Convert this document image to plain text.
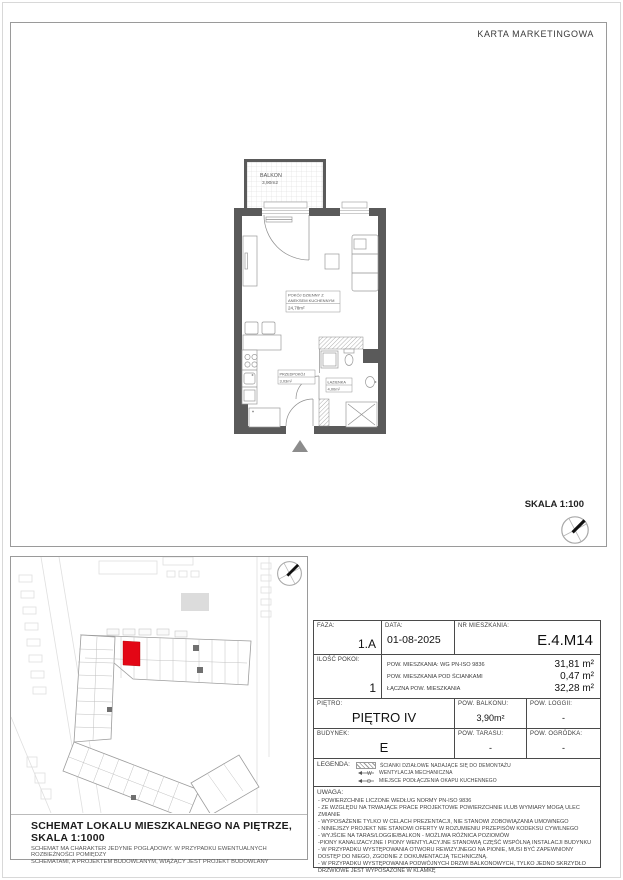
KARTA MARKETINGOWA
BALKON
3,90m2
POKÓJ DZIENNY Z
ANEKSEM KUCHENNYM
24,78m²
PRZEDPOKÓJ
3,03m²	ŁAZIENKA
4,00m²
SKALA 1:100
SCHEMAT LOKALU MIESZKALNEGO NA PIĘTRZE, SKALA 1:1000
SCHEMAT MA CHARAKTER JEDYNIE POGLĄDOWY. W PRZYPADKU EWENTUALNYCH ROZBIEŻNOŚCI POMIĘDZY
SCHEMATAMI, A PROJEKTEM BUDOWLANYM, WIĄŻĄCY JEST PROJEKT BUDOWLANY
FAZA:
1.A
DATA:
01-08-2025
NR MIESZKANIA:
E.4.M14
ILOŚĆ POKOI:
1
POW. MIESZKANIA: WG PN-ISO 9836	31,81 m²
POW. MIESZKANIA POD ŚCIANKAMI	0,47 m²
ŁĄCZNA POW. MIESZKANIA	32,28 m²
PIĘTRO:
PIĘTRO IV
POW. BALKONU:
3,90m²
POW. LOGGII:
-
BUDYNEK:
E
POW. TARASU:
-
POW. OGRÓDKA:
-
LEGENDA:	ŚCIANKI DZIAŁOWE NADAJĄCE SIĘ DO DEMONTAŻU
W WENTYLACJA MECHANICZNA
O MIEJSCE PODŁĄCZENIA OKAPU KUCHENNEGO
UWAGA:
- POWIERZCHNIE LICZONE WEDŁUG NORMY PN-ISO 9836
- ZE WZGLĘDU NA TRWAJĄCE PRACE PROJEKTOWE POWIERZCHNIE I/LUB WYMIARY MOGĄ ULEC ZMIANIE
- WYPOSAŻENIE TYLKO W CELACH PREZENTACJI, NIE STANOWI ZOBOWIĄZANIA UMOWNEGO
- NINIEJSZY PROJEKT NIE STANOWI OFERTY W ROZUMIENIU PRZEPISÓW KODEKSU CYWILNEGO
- WYJŚCIE NA TARAS/LOGGIE/BALKON - MOŻLIWA RÓŻNICA POZIOMÓW
-PIONY KANALIZACYJNE I PIONY WENTYLACYJNE STANOWIĄ CZĘŚĆ WSPÓLNĄ INSTALACJI BUDYNKU
- W PRZYPADKU WYSTĘPOWANIA OTWORU REWIZYJNEGO NA PIONIE, MUSI BYĆ ZAPEWNIONY DOSTĘP DO NIEGO, ZGODNIE Z DOKUMENTACJĄ TECHNICZNĄ.
- W PRZYPADKU WYSTĘPOWANIA PODWÓJNYCH DRZWI BALKONOWYCH, TYLKO JEDNO SKRZYDŁO DRZWIOWE JEST WYPOSAŻONE W KLAMKĘ
